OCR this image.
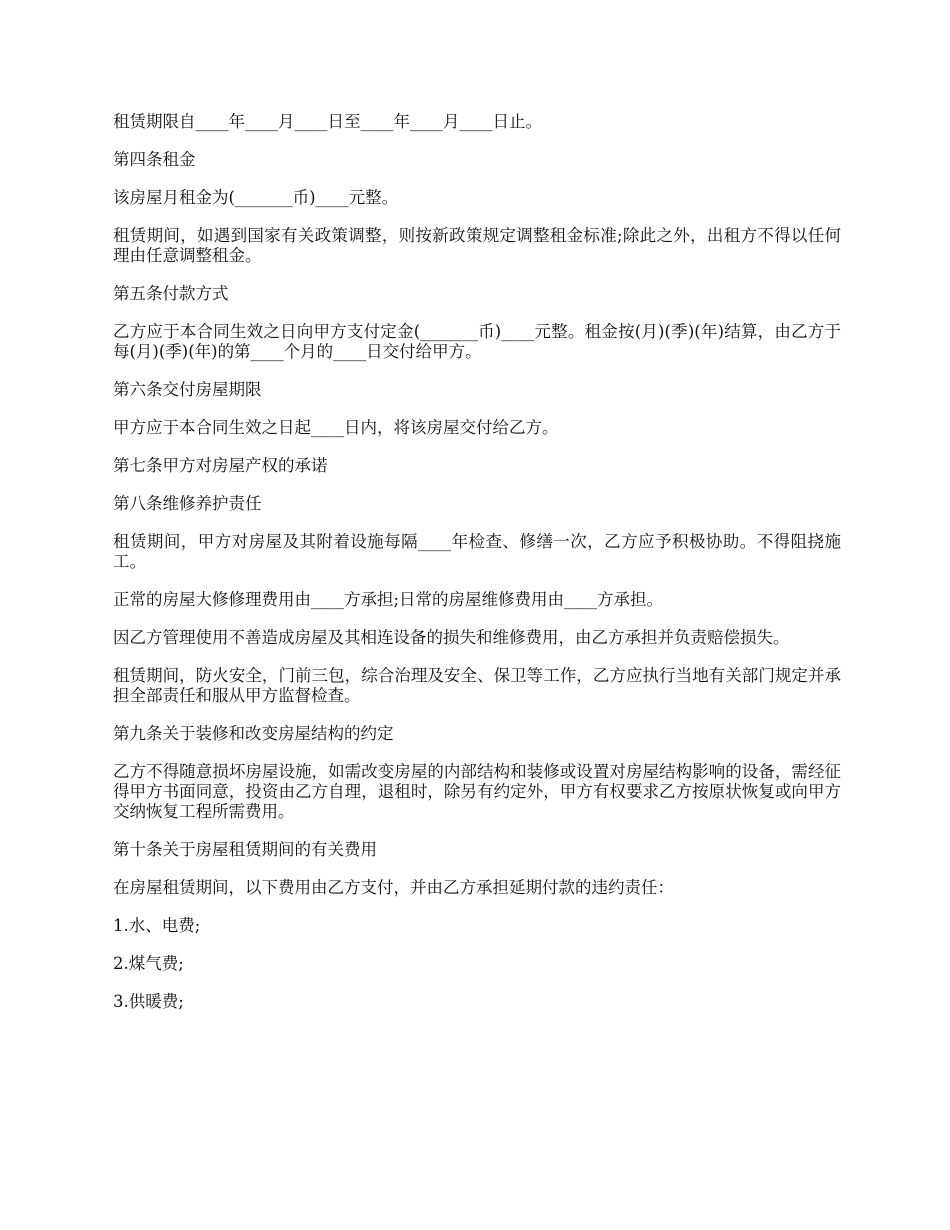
租赁期限自____年____月____日至____年____月____日止。

第四条租金

该房屋月租金为(_______币)____元整。

租赁期间，如遇到国家有关政策调整，则按新政策规定调整租金标准;除此之外，出租方不得以任何理由任意调整租金。

第五条付款方式

乙方应于本合同生效之日向甲方支付定金(_______币)____元整。租金按(月)(季)(年)结算，由乙方于每(月)(季)(年)的第____个月的____日交付给甲方。

第六条交付房屋期限

甲方应于本合同生效之日起____日内，将该房屋交付给乙方。

第七条甲方对房屋产权的承诺

第八条维修养护责任

租赁期间，甲方对房屋及其附着设施每隔____年检查、修缮一次，乙方应予积极协助。不得阻挠施工。

正常的房屋大修修理费用由____方承担;日常的房屋维修费用由____方承担。

因乙方管理使用不善造成房屋及其相连设备的损失和维修费用，由乙方承担并负责赔偿损失。

租赁期间，防火安全，门前三包，综合治理及安全、保卫等工作，乙方应执行当地有关部门规定并承担全部责任和服从甲方监督检查。

第九条关于装修和改变房屋结构的约定

乙方不得随意损坏房屋设施，如需改变房屋的内部结构和装修或设置对房屋结构影响的设备，需经征得甲方书面同意，投资由乙方自理，退租时，除另有约定外，甲方有权要求乙方按原状恢复或向甲方交纳恢复工程所需费用。

第十条关于房屋租赁期间的有关费用

在房屋租赁期间，以下费用由乙方支付，并由乙方承担延期付款的违约责任：

1.水、电费;

2.煤气费;

3.供暖费;
